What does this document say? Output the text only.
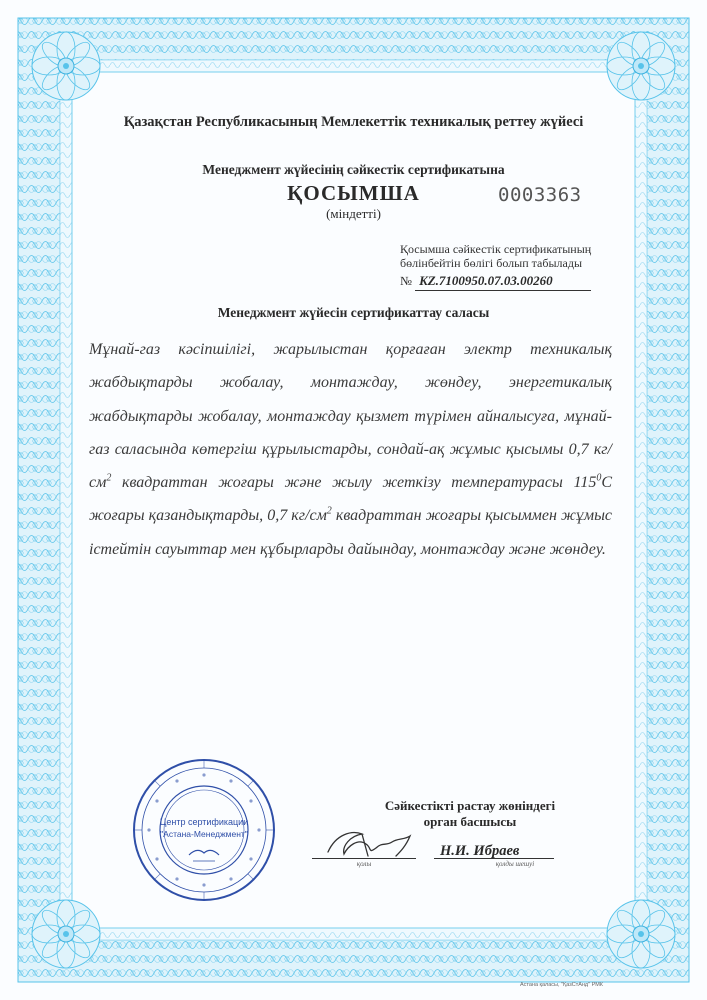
Қазақстан Республикасының Мемлекеттік техникалық реттеу жүйесі
Менеджмент жүйесінің сәйкестік сертификатына
ҚОСЫМША
(міндетті)
0003363
Қосымша сәйкестік сертификатының
бөлінбейтін бөлігі болып табылады
№ KZ.7100950.07.03.00260
Менеджмент жүйесін сертификаттау саласы
Мұнай-газ кәсіпшілігі, жарылыстан қорғаған электр техникалық жабдықтарды жобалау, монтаждау, жөндеу, энергетикалық жабдықтарды жобалау, монтаждау қызмет түрімен айналысуға, мұнай-газ саласында көтергіш құрылыстарды, сондай-ақ жұмыс қысымы 0,7 $кг/см^2$ квадраттан жоғары және жылу жеткізу температурасы $115^0С$ жоғары қазандықтарды, 0,7 $кг/см^2$ квадраттан жоғары қысыммен жұмыс істейтін сауыттар мен құбырларды дайындау, монтаждау және жөндеу.
Центр сертификации
"Астана-Менеджмент"
Сәйкестікті растау жөніндегі
орган басшысы
қолы	қолды шешуі
Н.И. Ибраев
Астана қаласы, "ҚазСтАнд" РМК
